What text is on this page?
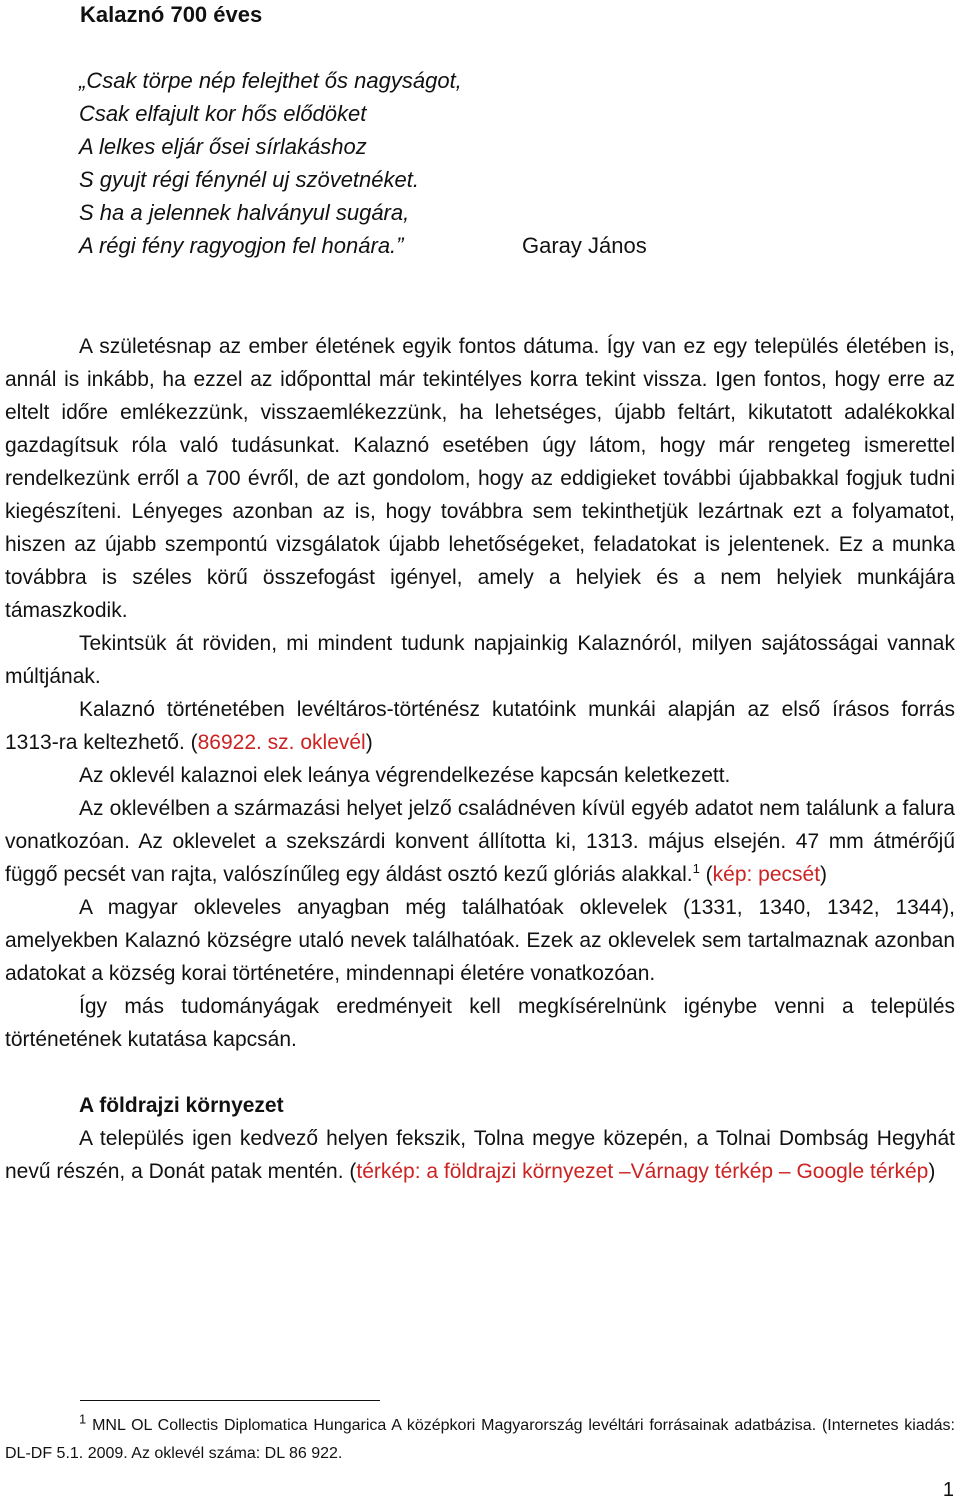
Kalaznó 700 éves
„Csak törpe nép felejthet ős nagyságot,
Csak elfajult kor hős elődöket
A lelkes eljár ősei sírlakáshoz
S gyujt régi fénynél uj szövetnéket.
S ha a jelennek halványul sugára,
A régi fény ragyogjon fel honára.”	Garay János

A születésnap az ember életének egyik fontos dátuma. Így van ez egy település életében is, annál is inkább, ha ezzel az időponttal már tekintélyes korra tekint vissza. Igen fontos, hogy erre az eltelt időre emlékezzünk, visszaemlékezzünk, ha lehetséges, újabb feltárt, kikutatott adalékokkal gazdagítsuk róla való tudásunkat. Kalaznó esetében úgy látom, hogy már rengeteg ismerettel rendelkezünk erről a 700 évről, de azt gondolom, hogy az eddigieket további újabbakkal fogjuk tudni kiegészíteni. Lényeges azonban az is, hogy továbbra sem tekinthetjük lezártnak ezt a folyamatot, hiszen az újabb szempontú vizsgálatok újabb lehetőségeket, feladatokat is jelentenek. Ez a munka továbbra is széles körű összefogást igényel, amely a helyiek és a nem helyiek munkájára támaszkodik.

Tekintsük át röviden, mi mindent tudunk napjainkig Kalaznóról, milyen sajátosságai vannak múltjának.

Kalaznó történetében levéltáros-történész kutatóink munkái alapján az első írásos forrás 1313-ra keltezhető. (86922. sz. oklevél)

Az oklevél kalaznoi elek leánya végrendelkezése kapcsán keletkezett.

Az oklevélben a származási helyet jelző családnéven kívül egyéb adatot nem találunk a falura vonatkozóan. Az oklevelet a szekszárdi konvent állította ki, 1313. május elsején. 47 mm átmérőjű függő pecsét van rajta, valószínűleg egy áldást osztó kezű glóriás alakkal.$^1$ (kép: pecsét)

A magyar okleveles anyagban még találhatóak oklevelek (1331, 1340, 1342, 1344), amelyekben Kalaznó községre utaló nevek találhatóak. Ezek az oklevelek sem tartalmaznak azonban adatokat a község korai történetére, mindennapi életére vonatkozóan.

Így más tudományágak eredményeit kell megkísérelnünk igénybe venni a település történetének kutatása kapcsán.

A földrajzi környezet

A település igen kedvező helyen fekszik, Tolna megye közepén, a Tolnai Dombság Hegyhát nevű részén, a Donát patak mentén. (térkép: a földrajzi környezet –Várnagy térkép – Google térkép)

$^1$ MNL OL Collectis Diplomatica Hungarica A középkori Magyarország levéltári forrásainak adatbázisa. (Internetes kiadás: DL-DF 5.1. 2009. Az oklevél száma: DL 86 922.
1
